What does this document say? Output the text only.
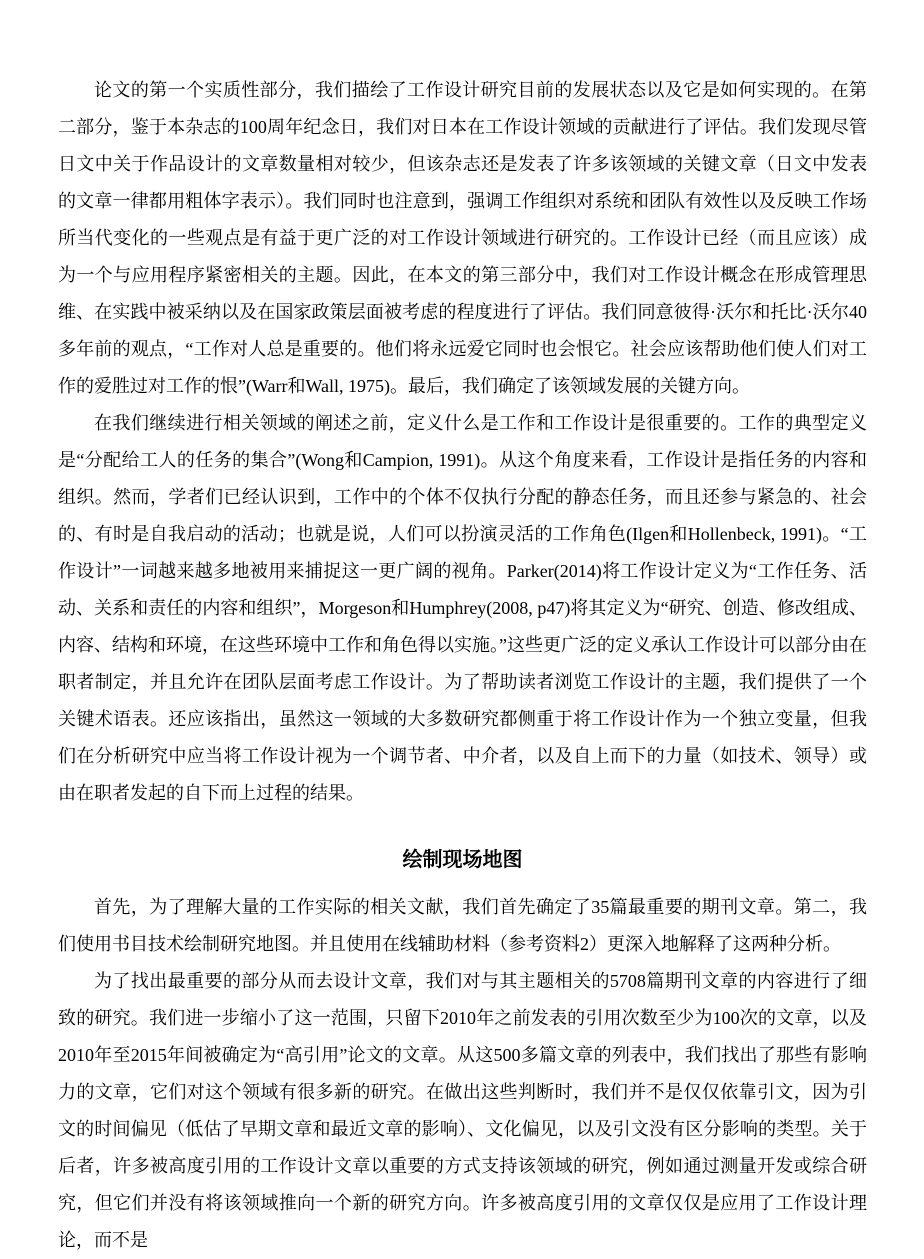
论文的第一个实质性部分，我们描绘了工作设计研究目前的发展状态以及它是如何实现的。在第二部分，鉴于本杂志的100周年纪念日，我们对日本在工作设计领域的贡献进行了评估。我们发现尽管日文中关于作品设计的文章数量相对较少，但该杂志还是发表了许多该领域的关键文章（日文中发表的文章一律都用粗体字表示）。我们同时也注意到，强调工作组织对系统和团队有效性以及反映工作场所当代变化的一些观点是有益于更广泛的对工作设计领域进行研究的。工作设计已经（而且应该）成为一个与应用程序紧密相关的主题。因此，在本文的第三部分中，我们对工作设计概念在形成管理思维、在实践中被采纳以及在国家政策层面被考虑的程度进行了评估。我们同意彼得·沃尔和托比·沃尔40多年前的观点，“工作对人总是重要的。他们将永远爱它同时也会恨它。社会应该帮助他们使人们对工作的爱胜过对工作的恨”(Warr和Wall, 1975)。最后，我们确定了该领域发展的关键方向。

在我们继续进行相关领域的阐述之前，定义什么是工作和工作设计是很重要的。工作的典型定义是“分配给工人的任务的集合”(Wong和Campion, 1991)。从这个角度来看，工作设计是指任务的内容和组织。然而，学者们已经认识到，工作中的个体不仅执行分配的静态任务，而且还参与紧急的、社会的、有时是自我启动的活动；也就是说，人们可以扮演灵活的工作角色(Ilgen和Hollenbeck, 1991)。“工作设计”一词越来越多地被用来捕捉这一更广阔的视角。Parker(2014)将工作设计定义为“工作任务、活动、关系和责任的内容和组织”，Morgeson和Humphrey(2008, p47)将其定义为“研究、创造、修改组成、内容、结构和环境，在这些环境中工作和角色得以实施。”这些更广泛的定义承认工作设计可以部分由在职者制定，并且允许在团队层面考虑工作设计。为了帮助读者浏览工作设计的主题，我们提供了一个关键术语表。还应该指出，虽然这一领域的大多数研究都侧重于将工作设计作为一个独立变量，但我们在分析研究中应当将工作设计视为一个调节者、中介者，以及自上而下的力量（如技术、领导）或由在职者发起的自下而上过程的结果。

绘制现场地图

首先，为了理解大量的工作实际的相关文献，我们首先确定了35篇最重要的期刊文章。第二，我们使用书目技术绘制研究地图。并且使用在线辅助材料（参考资料2）更深入地解释了这两种分析。

为了找出最重要的部分从而去设计文章，我们对与其主题相关的5708篇期刊文章的内容进行了细致的研究。我们进一步缩小了这一范围，只留下2010年之前发表的引用次数至少为100次的文章，以及2010年至2015年间被确定为“高引用”论文的文章。从这500多篇文章的列表中，我们找出了那些有影响力的文章，它们对这个领域有很多新的研究。在做出这些判断时，我们并不是仅仅依靠引文，因为引文的时间偏见（低估了早期文章和最近文章的影响）、文化偏见，以及引文没有区分影响的类型。关于后者，许多被高度引用的工作设计文章以重要的方式支持该领域的研究，例如通过测量开发或综合研究，但它们并没有将该领域推向一个新的研究方向。许多被高度引用的文章仅仅是应用了工作设计理论，而不是
